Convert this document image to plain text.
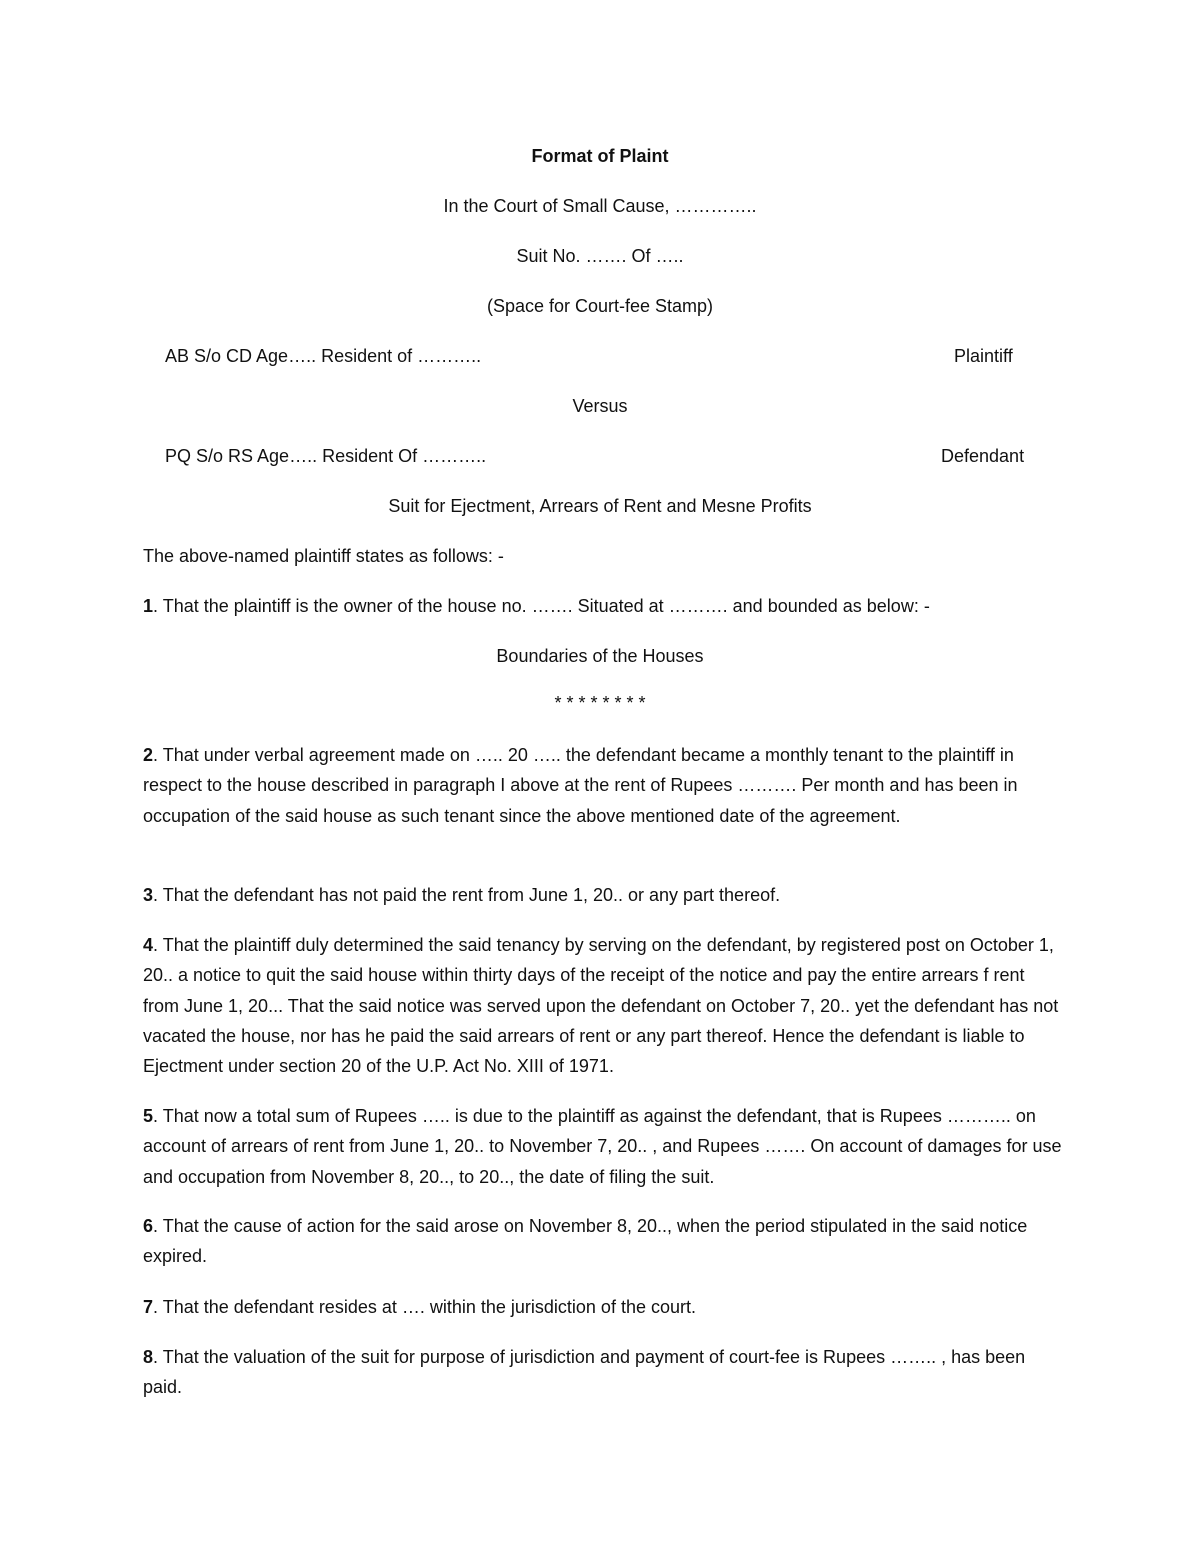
Format of Plaint
In the Court of Small Cause, …………..
Suit No. ……. Of …..
(Space for Court-fee Stamp)
AB S/o CD Age….. Resident of ………..	Plaintiff
Versus
PQ S/o RS Age….. Resident Of ………..	Defendant
Suit for Ejectment, Arrears of Rent and Mesne Profits
The above-named plaintiff states as follows: -
1. That the plaintiff is the owner of the house no. ……. Situated at ………. and bounded as below: -
Boundaries of the Houses
* * * * * * * *
2. That under verbal agreement made on ….. 20 ….. the defendant became a monthly tenant to the plaintiff in respect to the house described in paragraph I above at the rent of Rupees ………. Per month and has been in occupation of the said house as such tenant since the above mentioned date of the agreement.
3. That the defendant has not paid the rent from June 1, 20.. or any part thereof.
4. That the plaintiff duly determined the said tenancy by serving on the defendant, by registered post on October 1, 20.. a notice to quit the said house within thirty days of the receipt of the notice and pay the entire arrears f rent from June 1, 20... That the said notice was served upon the defendant on October 7, 20.. yet the defendant has not vacated the house, nor has he paid the said arrears of rent or any part thereof. Hence the defendant is liable to Ejectment under section 20 of the U.P. Act No. XIII of 1971.
5. That now a total sum of Rupees ….. is due to the plaintiff as against the defendant, that is Rupees ……….. on account of arrears of rent from June 1, 20.. to November 7, 20.. , and Rupees ……. On account of damages for use and occupation from November 8, 20.., to 20.., the date of filing the suit.
6. That the cause of action for the said arose on November 8, 20.., when the period stipulated in the said notice expired.
7. That the defendant resides at …. within the jurisdiction of the court.
8. That the valuation of the suit for purpose of jurisdiction and payment of court-fee is Rupees …….. , has been paid.
